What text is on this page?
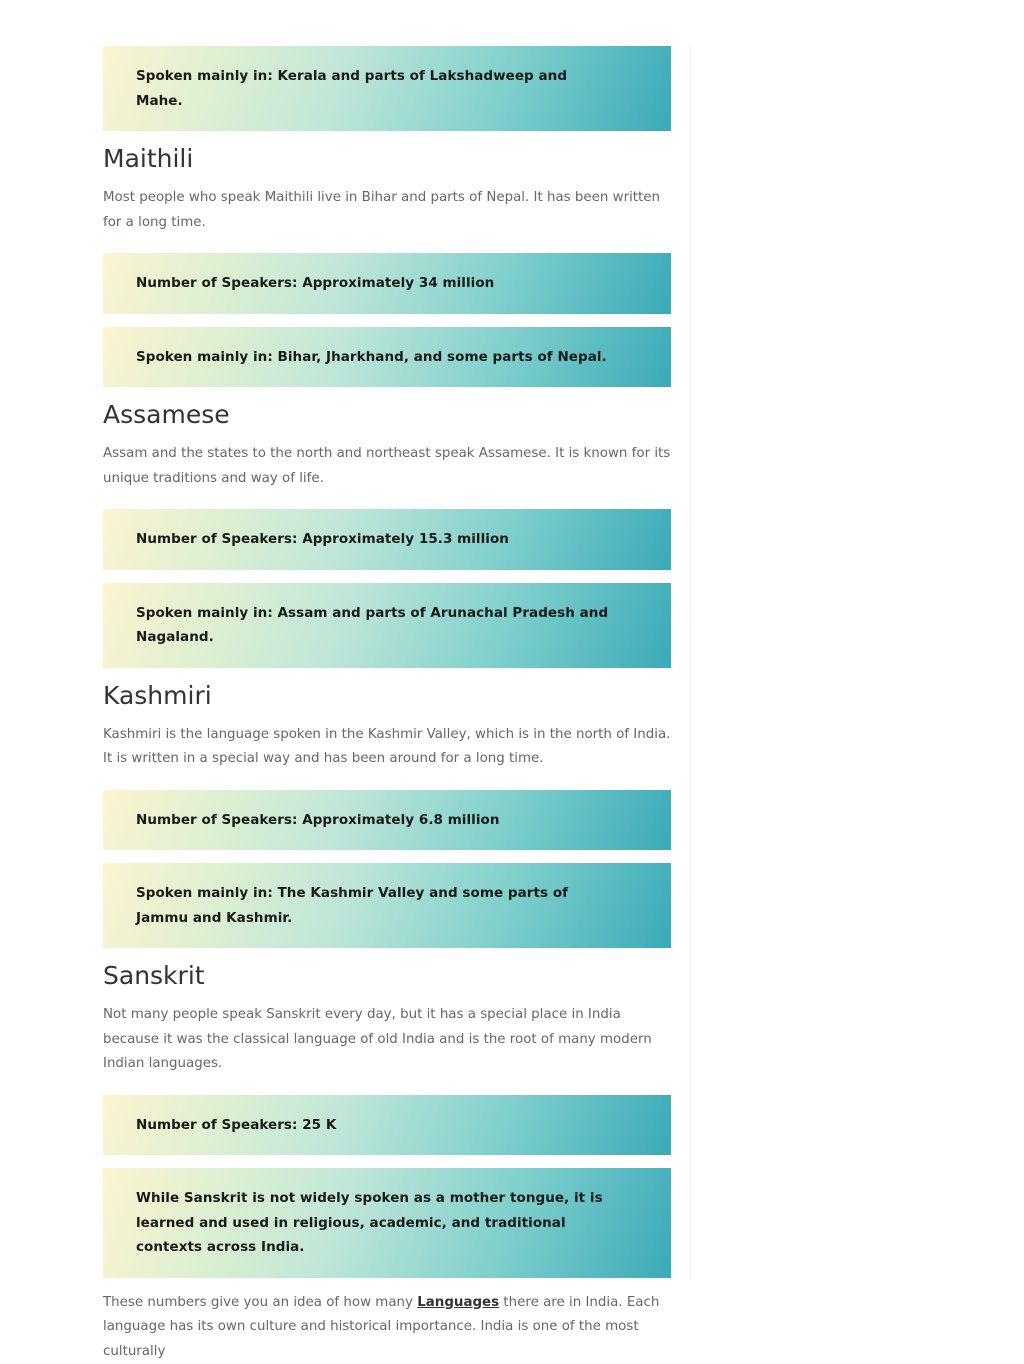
Spoken mainly in: Kerala and parts of Lakshadweep and Mahe.
Maithili

Most people who speak Maithili live in Bihar and parts of Nepal. It has been written for a long time.

Number of Speakers: Approximately 34 million
Spoken mainly in: Bihar, Jharkhand, and some parts of Nepal.
Assamese

Assam and the states to the north and northeast speak Assamese. It is known for its unique traditions and way of life.

Number of Speakers: Approximately 15.3 million
Spoken mainly in: Assam and parts of Arunachal Pradesh and Nagaland.
Kashmiri

Kashmiri is the language spoken in the Kashmir Valley, which is in the north of India. It is written in a special way and has been around for a long time.

Number of Speakers: Approximately 6.8 million
Spoken mainly in: The Kashmir Valley and some parts of Jammu and Kashmir.
Sanskrit

Not many people speak Sanskrit every day, but it has a special place in India because it was the classical language of old India and is the root of many modern Indian languages.

Number of Speakers: 25 K
While Sanskrit is not widely spoken as a mother tongue, it is learned and used in religious, academic, and traditional contexts across India.

These numbers give you an idea of how many Languages there are in India. Each language has its own culture and historical importance. India is one of the most culturally
